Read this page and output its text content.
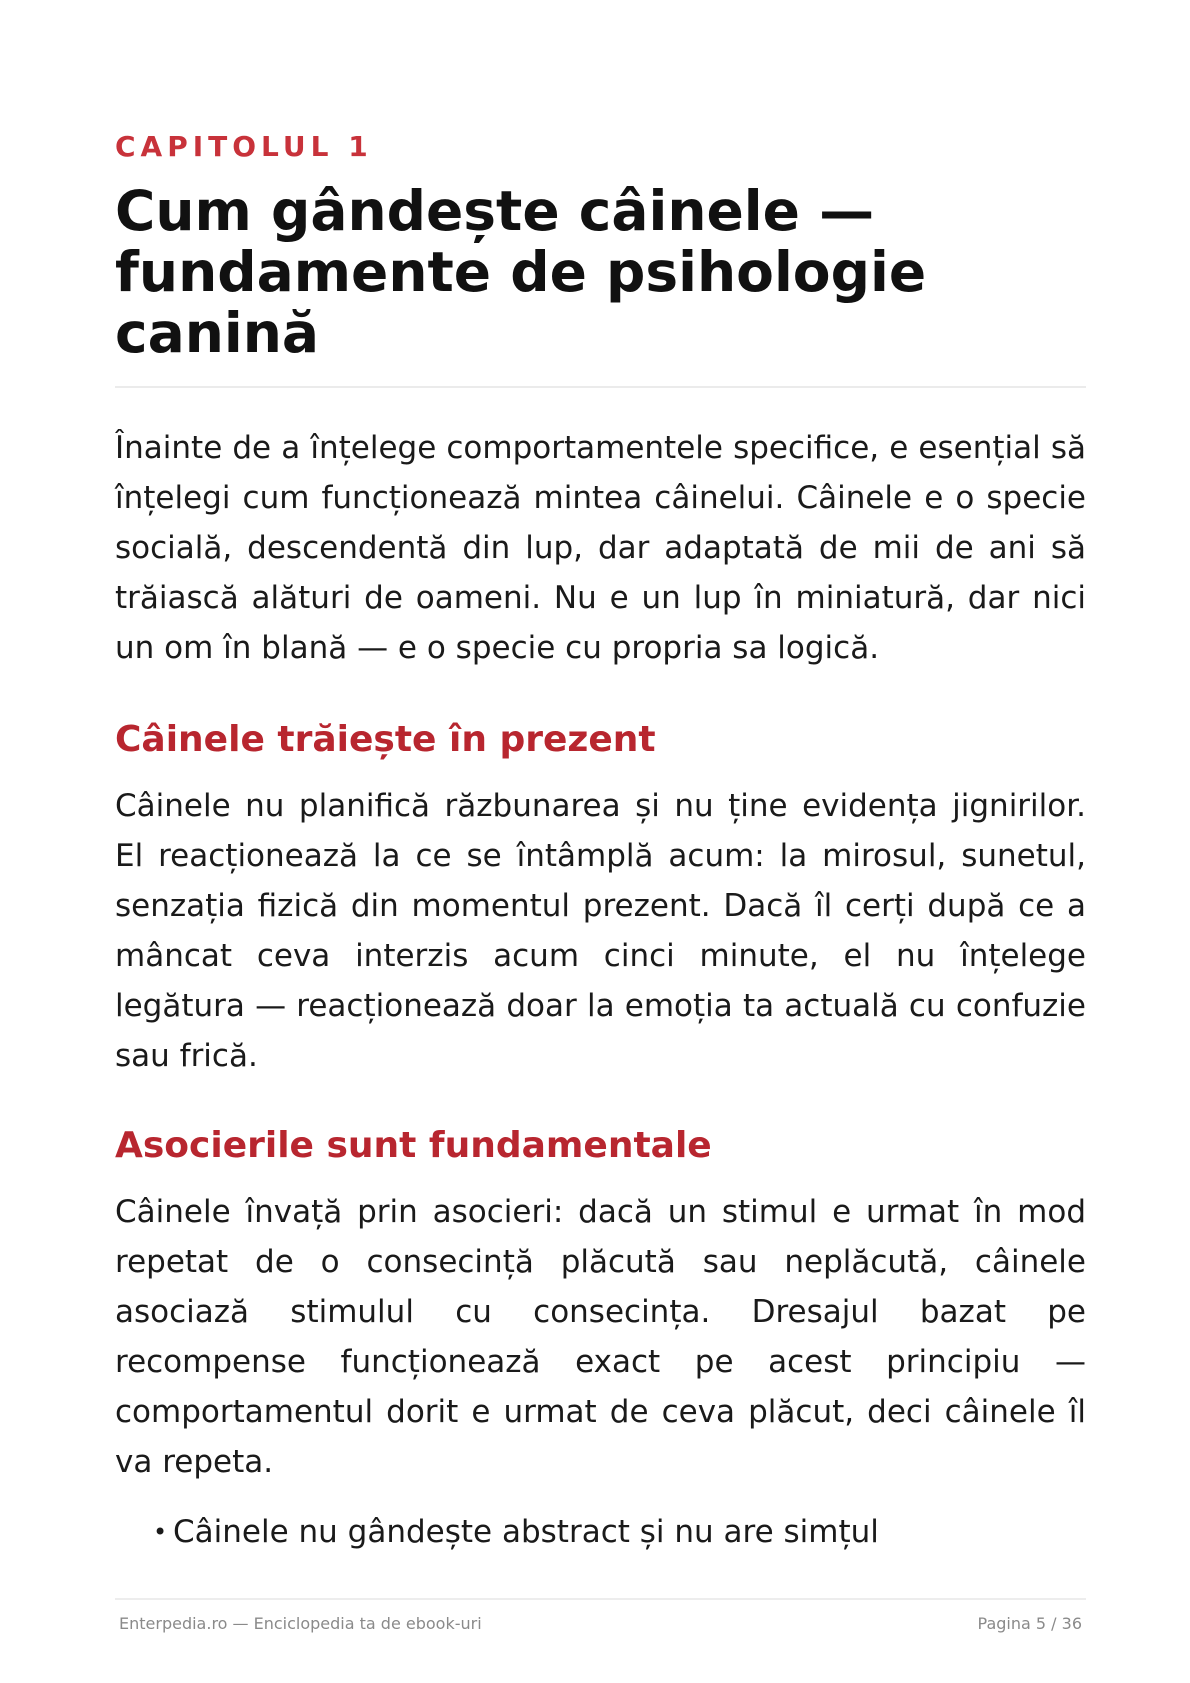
CAPITOLUL 1
Cum gândește câinele — fundamente de psihologie canină

Înainte de a înțelege comportamentele specifice, e esențial să înțelegi cum funcționează mintea câinelui. Câinele e o specie socială, descendentă din lup, dar adaptată de mii de ani să trăiască alături de oameni. Nu e un lup în miniatură, dar nici un om în blană — e o specie cu propria sa logică.

Câinele trăiește în prezent

Câinele nu planifică răzbunarea și nu ține evidența jignirilor. El reacționează la ce se întâmplă acum: la mirosul, sunetul, senzația fizică din momentul prezent. Dacă îl cerți după ce a mâncat ceva interzis acum cinci minute, el nu înțelege legătura — reacționează doar la emoția ta actuală cu confuzie sau frică.

Asocierile sunt fundamentale

Câinele învață prin asocieri: dacă un stimul e urmat în mod repetat de o consecință plăcută sau neplăcută, câinele asociază stimulul cu consecința. Dresajul bazat pe recompense funcționează exact pe acest principiu — comportamentul dorit e urmat de ceva plăcut, deci câinele îl va repeta.

• Câinele nu gândește abstract și nu are simțul
Enterpedia.ro — Enciclopedia ta de ebook-uri	Pagina 5 / 36
